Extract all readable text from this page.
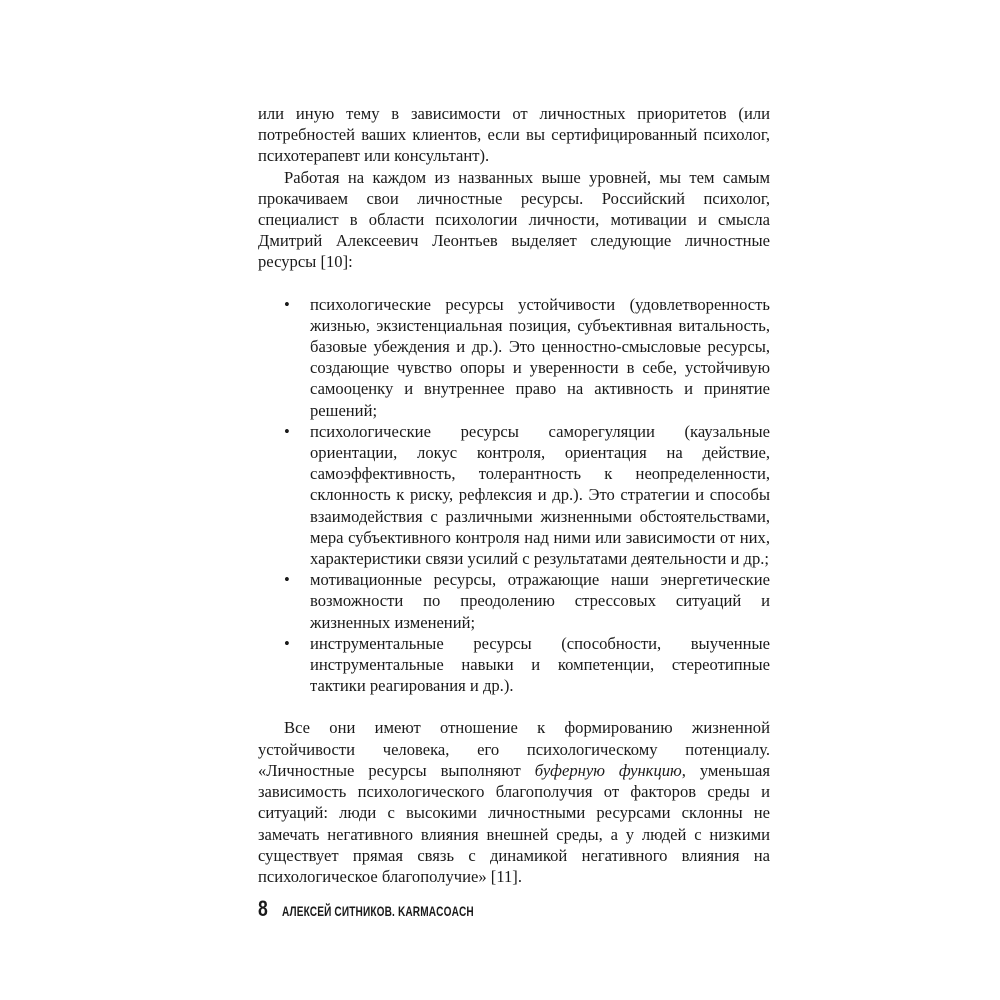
или иную тему в зависимости от личностных приоритетов (или потребностей ваших клиентов, если вы сертифицированный психолог, психотерапевт или консультант).

Работая на каждом из названных выше уровней, мы тем самым прокачиваем свои личностные ресурсы. Российский психолог, специалист в области психологии личности, мотивации и смысла Дмитрий Алексеевич Леонтьев выделяет следующие личностные ресурсы [10]:

• психологические ресурсы устойчивости (удовлетворенность жизнью, экзистенциальная позиция, субъективная витальность, базовые убеждения и др.). Это ценностно-смысловые ресурсы, создающие чувство опоры и уверенности в себе, устойчивую самооценку и внутреннее право на активность и принятие решений;
• психологические ресурсы саморегуляции (каузальные ориентации, локус контроля, ориентация на действие, самоэффективность, толерантность к неопределенности, склонность к риску, рефлексия и др.). Это стратегии и способы взаимодействия с различными жизненными обстоятельствами, мера субъективного контроля над ними или зависимости от них, характеристики связи усилий с результатами деятельности и др.;
• мотивационные ресурсы, отражающие наши энергетические возможности по преодолению стрессовых ситуаций и жизненных изменений;
• инструментальные ресурсы (способности, выученные инструментальные навыки и компетенции, стереотипные тактики реагирования и др.).

Все они имеют отношение к формированию жизненной устойчивости человека, его психологическому потенциалу. «Личностные ресурсы выполняют буферную функцию, уменьшая зависимость психологического благополучия от факторов среды и ситуаций: люди с высокими личностными ресурсами склонны не замечать негативного влияния внешней среды, а у людей с низкими существует прямая связь с динамикой негативного влияния на психологическое благополучие» [11].

8 АЛЕКСЕЙ СИТНИКОВ. KARMACOACH
